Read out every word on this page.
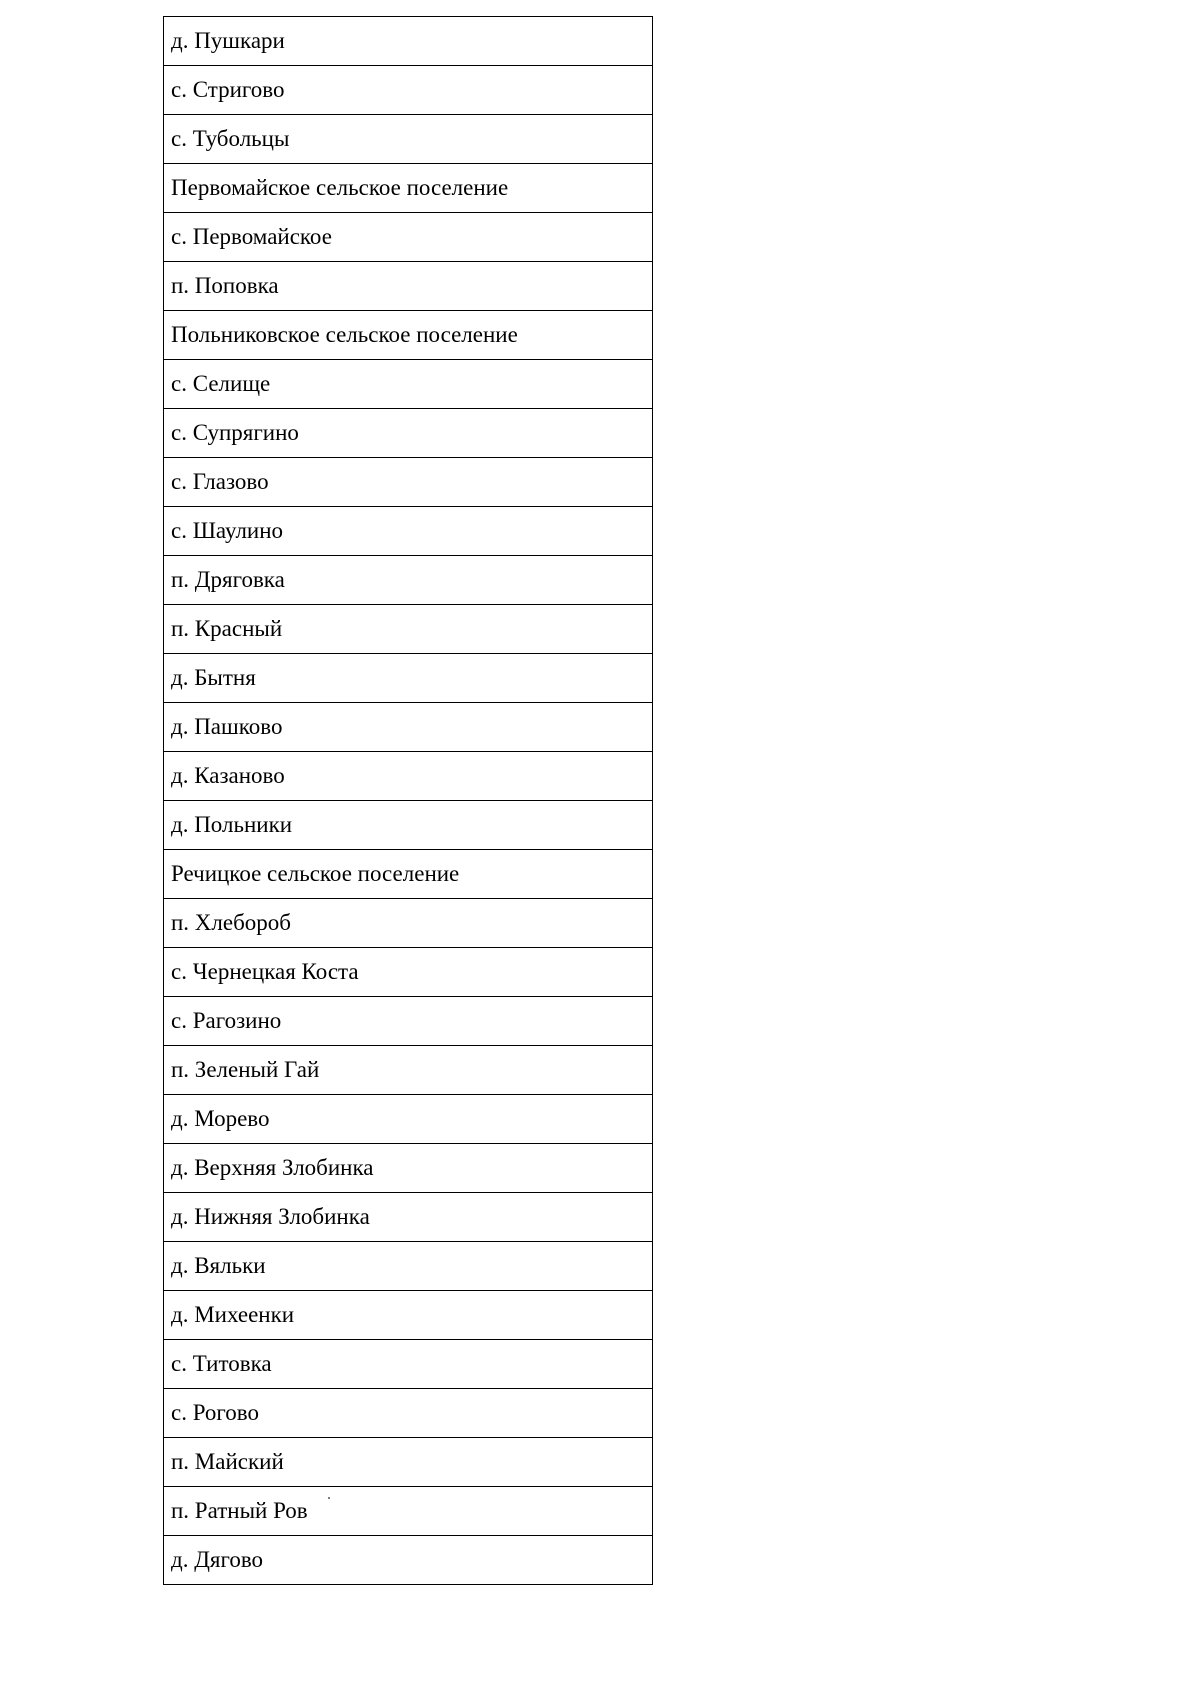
д. Пушкари
с. Стригово
с. Тубольцы
Первомайское сельское поселение
с. Первомайское
п. Поповка
Польниковское сельское поселение
с. Селище
с. Супрягино
с. Глазово
с. Шаулино
п. Дряговка
п. Красный
д. Бытня
д. Пашково
д. Казаново
д. Польники
Речицкое сельское поселение
п. Хлебороб
с. Чернецкая Коста
с. Рагозино
п. Зеленый Гай
д. Морево
д. Верхняя Злобинка
д. Нижняя Злобинка
д. Вяльки
д. Михеенки
с. Титовка
с. Рогово
п. Майский
п. Ратный Ров
д. Дягово
